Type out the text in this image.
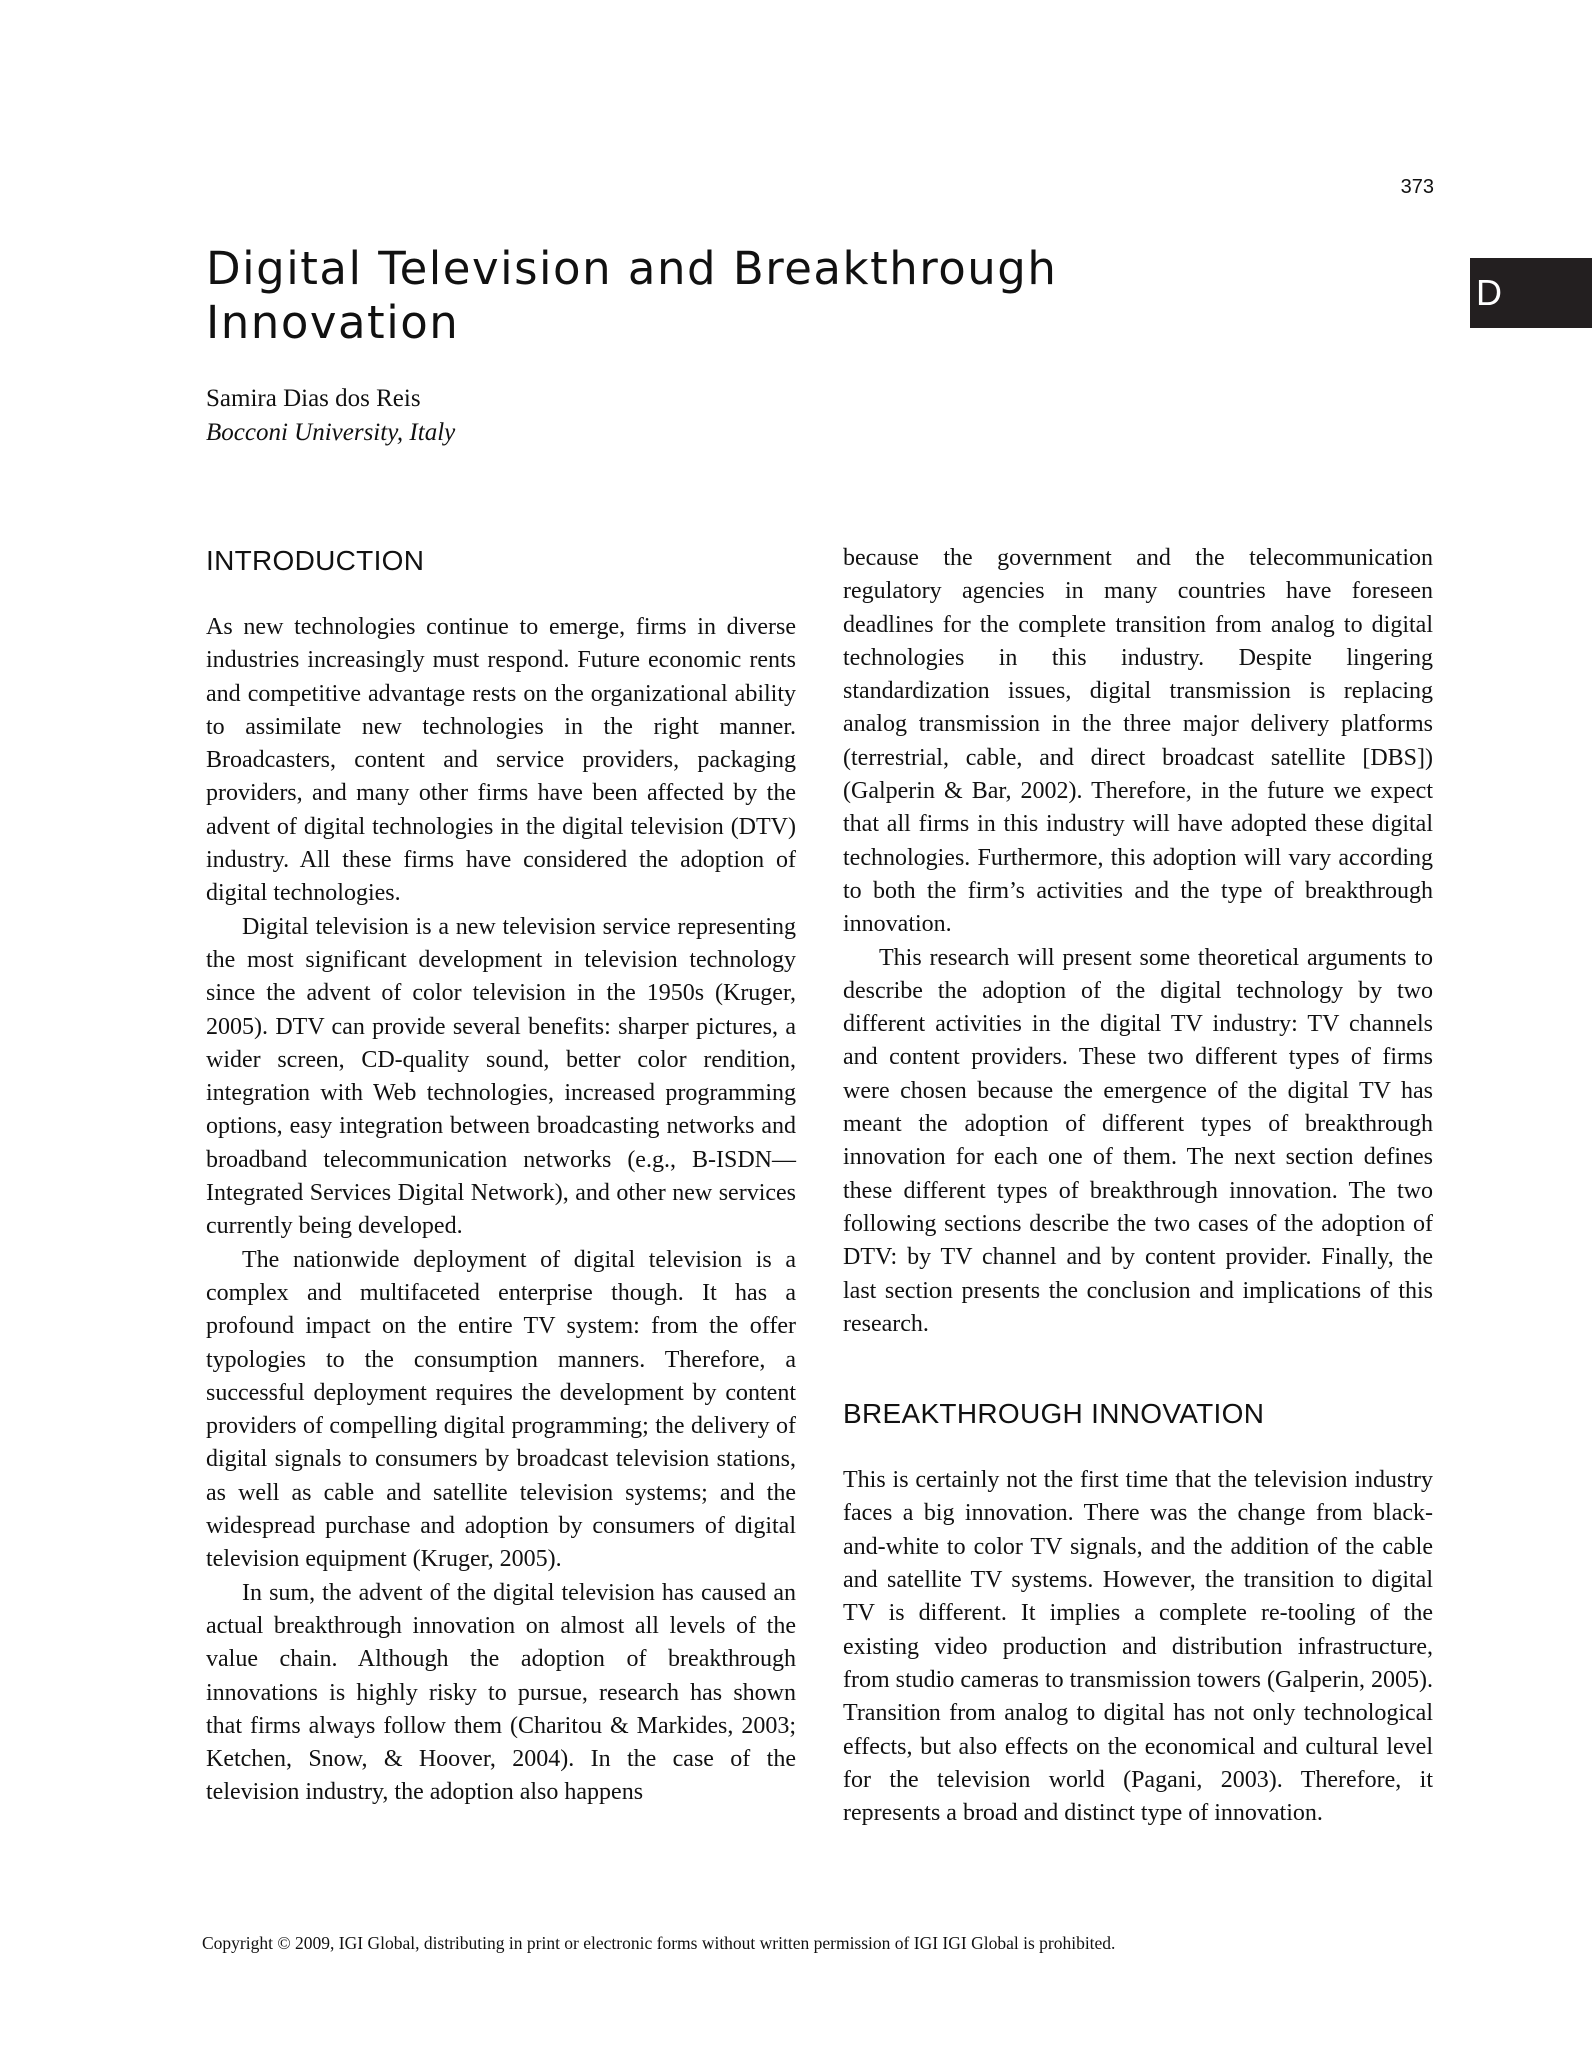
373
D
Digital Television and Breakthrough Innovation
Samira Dias dos Reis
Bocconi University, Italy
INTRODUCTION

As new technologies continue to emerge, firms in diverse industries increasingly must respond. Future economic rents and competitive advantage rests on the organizational ability to assimilate new technologies in the right manner. Broadcasters, content and service providers, packaging providers, and many other firms have been affected by the advent of digital technologies in the digital television (DTV) industry. All these firms have considered the adoption of digital technologies.

Digital television is a new television service representing the most significant development in television technology since the advent of color television in the 1950s (Kruger, 2005). DTV can provide several benefits: sharper pictures, a wider screen, CD-quality sound, better color rendition, integration with Web technologies, increased programming options, easy integration between broadcasting networks and broadband telecommunication networks (e.g., B-ISDN—Integrated Services Digital Network), and other new services currently being developed.

The nationwide deployment of digital television is a complex and multifaceted enterprise though. It has a profound impact on the entire TV system: from the offer typologies to the consumption manners. Therefore, a successful deployment requires the development by content providers of compelling digital programming; the delivery of digital signals to consumers by broadcast television stations, as well as cable and satellite television systems; and the widespread purchase and adoption by consumers of digital television equipment (Kruger, 2005).

In sum, the advent of the digital television has caused an actual breakthrough innovation on almost all levels of the value chain. Although the adoption of breakthrough innovations is highly risky to pursue, research has shown that firms always follow them (Charitou & Markides, 2003; Ketchen, Snow, & Hoover, 2004). In the case of the television industry, the adoption also happens

because the government and the telecommunication regulatory agencies in many countries have foreseen deadlines for the complete transition from analog to digital technologies in this industry. Despite lingering standardization issues, digital transmission is replacing analog transmission in the three major delivery platforms (terrestrial, cable, and direct broadcast satellite [DBS]) (Galperin & Bar, 2002). Therefore, in the future we expect that all firms in this industry will have adopted these digital technologies. Furthermore, this adoption will vary according to both the firm’s activities and the type of breakthrough innovation.

This research will present some theoretical arguments to describe the adoption of the digital technology by two different activities in the digital TV industry: TV channels and content providers. These two different types of firms were chosen because the emergence of the digital TV has meant the adoption of different types of breakthrough innovation for each one of them. The next section defines these different types of breakthrough innovation. The two following sections describe the two cases of the adoption of DTV: by TV channel and by content provider. Finally, the last section presents the conclusion and implications of this research.

BREAKTHROUGH INNOVATION

This is certainly not the first time that the television industry faces a big innovation. There was the change from black-and-white to color TV signals, and the addition of the cable and satellite TV systems. However, the transition to digital TV is different. It implies a complete re-tooling of the existing video production and distribution infrastructure, from studio cameras to transmission towers (Galperin, 2005). Transition from analog to digital has not only technological effects, but also effects on the economical and cultural level for the television world (Pagani, 2003). Therefore, it represents a broad and distinct type of innovation.

Copyright © 2009, IGI Global, distributing in print or electronic forms without written permission of IGI IGI Global is prohibited.
